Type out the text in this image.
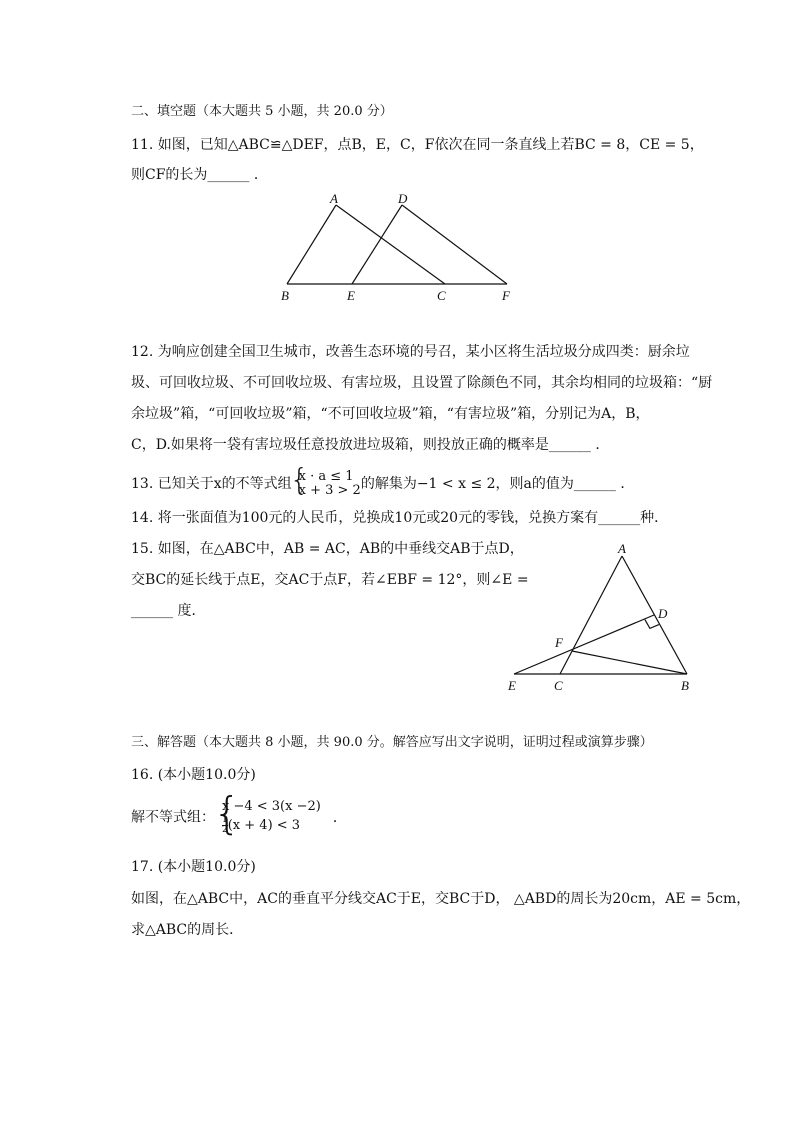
二、填空题（本大题共 5 小题，共 20.0 分）
11. 如图，已知△ABC≌△DEF，点B，E，C，F依次在同一条直线上若BC = 8，CE = 5，
则CF的长为______ ．
A	D
B	E	C	F
12. 为响应创建全国卫生城市，改善生态环境的号召，某小区将生活垃圾分成四类：厨余垃
圾、可回收垃圾、不可回收垃圾、有害垃圾，且设置了除颜色不同，其余均相同的垃圾箱：“厨
余垃圾”箱，“可回收垃圾”箱，“不可回收垃圾”箱，“有害垃圾”箱，分别记为A，B，
C，D.如果将一袋有害垃圾任意投放进垃圾箱，则投放正确的概率是______ ．
13. 已知关于x的不等式组
{ x · a ≤ 1
x + 3 > 2 的解集为−1 < x ≤ 2，则a的值为______ ．
14. 将一张面值为100元的人民币，兑换成10元或20元的零钱，兑换方案有______种．
15. 如图，在△ABC中，AB = AC，AB的中垂线交AB于点D，
交BC的延长线于点E，交AC于点F，若∠EBF = 12°，则∠E =
______ 度．
A
D
F
E	C	B
三、解答题（本大题共 8 小题，共 90.0 分。解答应写出文字说明，证明过程或演算步骤）
16. (本小题10.0分)
解不等式组：
{ x −4 < 3(x −2)
$\frac{1}{2} (x + 4) < 3$	．
17. (本小题10.0分)
如图，在△ABC中，AC的垂直平分线交AC于E，交BC于D， △ABD的周长为20cm，AE = 5cm，
求△ABC的周长．
